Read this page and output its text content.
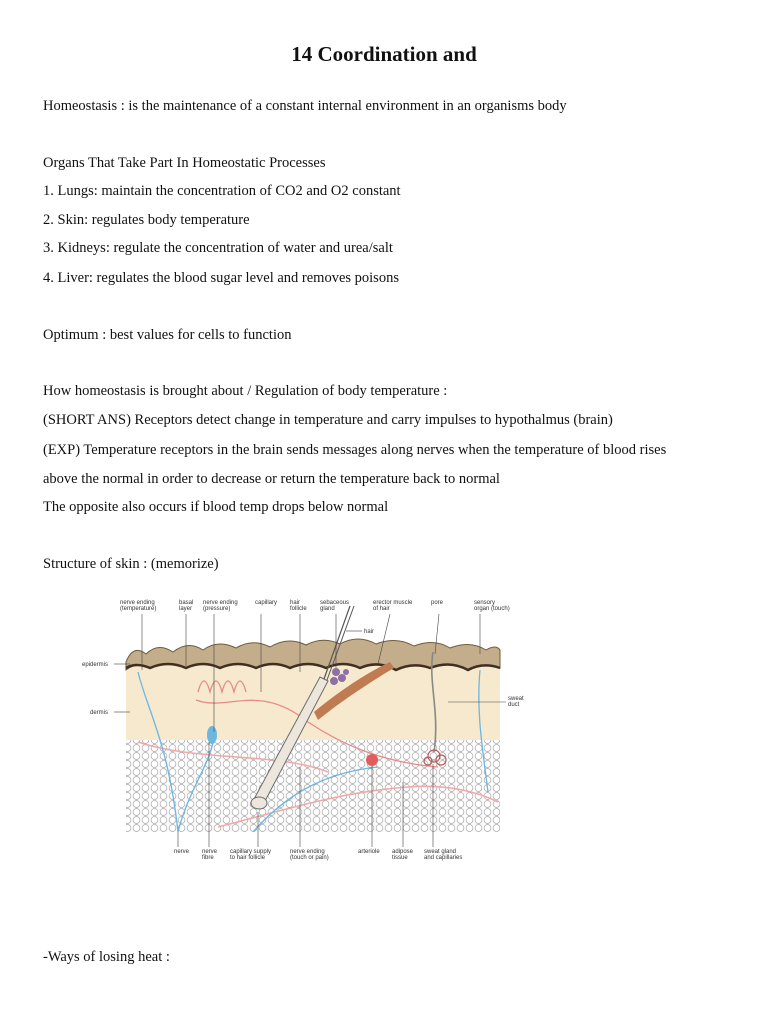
14 Coordination and

Homeostasis : is the maintenance of a constant internal environment in an organisms body

Organs That Take Part In Homeostatic Processes

1. Lungs: maintain the concentration of CO2 and O2 constant

2. Skin: regulates body temperature

3. Kidneys: regulate the concentration of water and urea/salt

4. Liver: regulates the blood sugar level and removes poisons

Optimum : best values for cells to function

How homeostasis is brought about / Regulation of body temperature :

(SHORT ANS) Receptors detect change in temperature and carry impulses to hypothalmus (brain)

(EXP) Temperature receptors in the brain sends messages along nerves when the temperature of blood rises

above the normal in order to decrease or return the temperature back to normal

The opposite also occurs if blood temp drops below normal

Structure of skin : (memorize)

nerve ending (temperature)
basal layer
nerve ending (pressure)
capillary hair follicle
sebaceous gland
erector muscle of hair
pore	sensory organ (touch)
hair
epidermis
dermis
sweat duct
nerve nerve fibre
capillary supply to hair follicle
nerve ending (touch or pain)
arteriole adipose tissue
sweat gland and capillaries

-Ways of losing heat :
